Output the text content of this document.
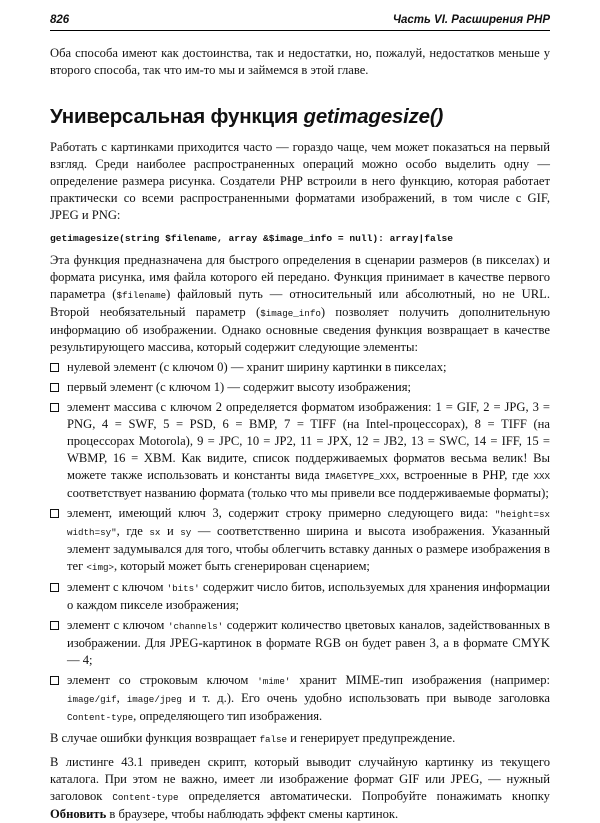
826	Часть VI. Расширения PHP

Оба способа имеют как достоинства, так и недостатки, но, пожалуй, недостатков меньше у второго способа, так что им-то мы и займемся в этой главе.

Универсальная функция getimagesize()

Работать с картинками приходится часто — гораздо чаще, чем может показаться на первый взгляд. Среди наиболее распространенных операций можно особо выделить одну — определение размера рисунка. Создатели PHP встроили в него функцию, которая работает практически со всеми распространенными форматами изображений, в том числе с GIF, JPEG и PNG:

getimagesize(string $filename, array &$image_info = null): array|false

Эта функция предназначена для быстрого определения в сценарии размеров (в пикселах) и формата рисунка, имя файла которого ей передано. Функция принимает в качестве первого параметра ($filename) файловый путь — относительный или абсолютный, но не URL. Второй необязательный параметр ($image_info) позволяет получить дополнительную информацию об изображении. Однако основные сведения функция возвращает в качестве результирующего массива, который содержит следующие элементы:

нулевой элемент (с ключом 0) — хранит ширину картинки в пикселах;
первый элемент (с ключом 1) — содержит высоту изображения;
элемент массива с ключом 2 определяется форматом изображения: 1 = GIF, 2 = JPG, 3 = PNG, 4 = SWF, 5 = PSD, 6 = BMP, 7 = TIFF (на Intel-процессорах), 8 = TIFF (на процессорах Motorola), 9 = JPC, 10 = JP2, 11 = JPX, 12 = JB2, 13 = SWC, 14 = IFF, 15 = WBMP, 16 = XBM. Как видите, список поддерживаемых форматов весьма велик! Вы можете также использовать и константы вида IMAGETYPE_XXX, встроенные в PHP, где XXX соответствует названию формата (только что мы привели все поддерживаемые форматы);
элемент, имеющий ключ 3, содержит строку примерно следующего вида: "height=sx width=sy", где sx и sy — соответственно ширина и высота изображения. Указанный элемент задумывался для того, чтобы облегчить вставку данных о размере изображения в тег <img>, который может быть сгенерирован сценарием;
элемент с ключом 'bits' содержит число битов, используемых для хранения информации о каждом пикселе изображения;
элемент с ключом 'channels' содержит количество цветовых каналов, задействованных в изображении. Для JPEG-картинок в формате RGB он будет равен 3, а в формате CMYK — 4;
элемент со строковым ключом 'mime' хранит MIME-тип изображения (например: image/gif, image/jpeg и т. д.). Его очень удобно использовать при выводе заголовка Content-type, определяющего тип изображения.

В случае ошибки функция возвращает false и генерирует предупреждение.

В листинге 43.1 приведен скрипт, который выводит случайную картинку из текущего каталога. При этом не важно, имеет ли изображение формат GIF или JPEG, — нужный заголовок Content-type определяется автоматически. Попробуйте понажимать кнопку Обновить в браузере, чтобы наблюдать эффект смены картинок.
